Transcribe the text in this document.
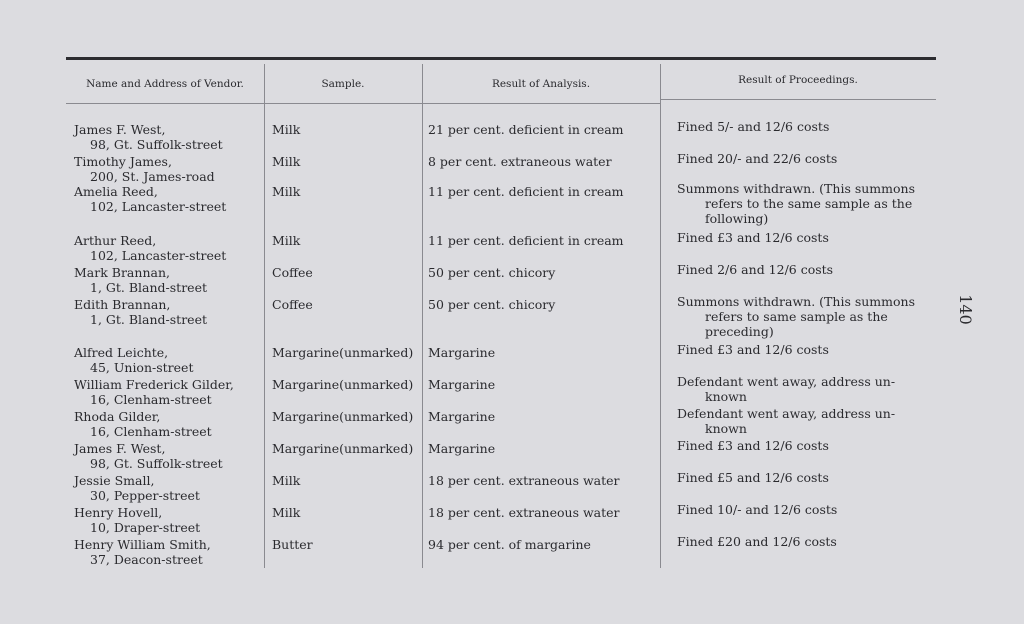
Name and Address of Vendor.	Sample.	Result of Analysis.	Result of Proceedings.
James F. West,
98, Gt. Suffolk-street
Milk	21 per cent. deficient in cream	Fined 5/- and 12/6 costs
Timothy James,
200, St. James-road
Milk	8 per cent. extraneous water	Fined 20/- and 22/6 costs
Amelia Reed,
102, Lancaster-street
Milk	11 per cent. deficient in cream	Summons withdrawn. (This summons
refers to the same sample as the
following)
Arthur Reed,
102, Lancaster-street
Milk	11 per cent. deficient in cream	Fined £3 and 12/6 costs
Mark Brannan,
1, Gt. Bland-street
Coffee	50 per cent. chicory	Fined 2/6 and 12/6 costs
Edith Brannan,
1, Gt. Bland-street
Coffee	50 per cent. chicory	Summons withdrawn. (This summons
refers to same sample as the
preceding)
Alfred Leichte,
45, Union-street
Margarine(unmarked) Margarine	Fined £3 and 12/6 costs
William Frederick Gilder,
16, Clenham-street
Margarine(unmarked) Margarine	Defendant went away, address un-
known
Rhoda Gilder,
16, Clenham-street
Margarine(unmarked) Margarine	Defendant went away, address un-
known
James F. West,
98, Gt. Suffolk-street
Margarine(unmarked) Margarine	Fined £3 and 12/6 costs
Jessie Small,
30, Pepper-street
Milk	18 per cent. extraneous water	Fined £5 and 12/6 costs
Henry Hovell,
10, Draper-street
Milk	18 per cent. extraneous water	Fined 10/- and 12/6 costs
Henry William Smith,
37, Deacon-street
Butter	94 per cent. of margarine	Fined £20 and 12/6 costs
140
